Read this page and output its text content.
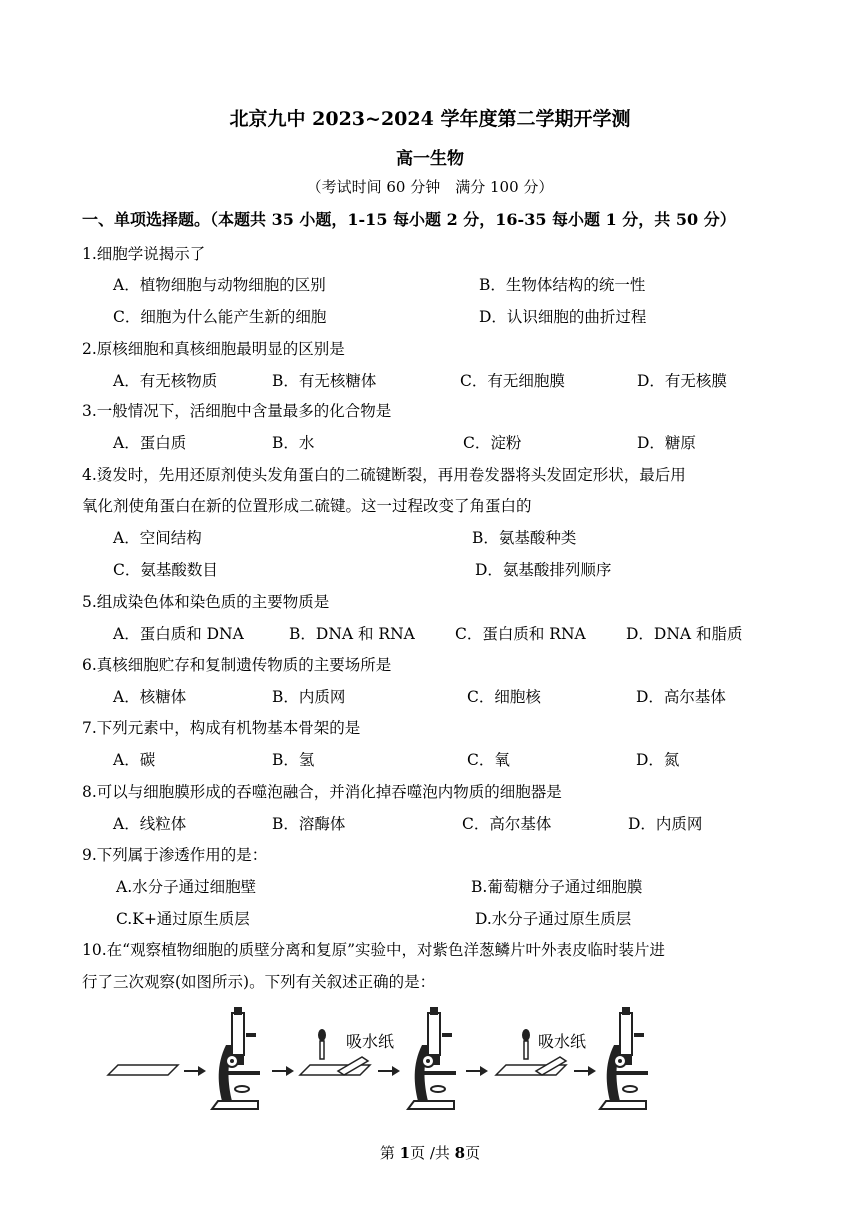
北京九中 2023~2024 学年度第二学期开学测
高一生物
（考试时间 60 分钟　满分 100 分）
一、单项选择题。（本题共 35 小题，1-15 每小题 2 分，16-35 每小题 1 分，共 50 分）
1.细胞学说揭示了
A．植物细胞与动物细胞的区别	B．生物体结构的统一性
C．细胞为什么能产生新的细胞	D．认识细胞的曲折过程
2.原核细胞和真核细胞最明显的区别是
A．有无核物质	B．有无核糖体	C．有无细胞膜	D．有无核膜
3.一般情况下，活细胞中含量最多的化合物是
A．蛋白质	B．水	C．淀粉	D．糖原
4.烫发时，先用还原剂使头发角蛋白的二硫键断裂，再用卷发器将头发固定形状，最后用
氧化剂使角蛋白在新的位置形成二硫键。这一过程改变了角蛋白的
A．空间结构	B．氨基酸种类
C．氨基酸数目	D．氨基酸排列顺序
5.组成染色体和染色质的主要物质是
A．蛋白质和 DNA	B．DNA 和 RNA	C．蛋白质和 RNA	D．DNA 和脂质
6.真核细胞贮存和复制遗传物质的主要场所是
A．核糖体	B．内质网	C．细胞核	D．高尔基体
7.下列元素中，构成有机物基本骨架的是
A．碳	B．氢	C．氧	D．氮
8.可以与细胞膜形成的吞噬泡融合，并消化掉吞噬泡内物质的细胞器是
A．线粒体	B．溶酶体	C．高尔基体	D．内质网
9.下列属于渗透作用的是：
A.水分子通过细胞壁	B.葡萄糖分子通过细胞膜
C.K+通过原生质层	D.水分子通过原生质层
10.在“观察植物细胞的质壁分离和复原”实验中，对紫色洋葱鳞片叶外表皮临时装片进
行了三次观察(如图所示)。下列有关叙述正确的是：
吸水纸	吸水纸
第 1页 /共 8页
